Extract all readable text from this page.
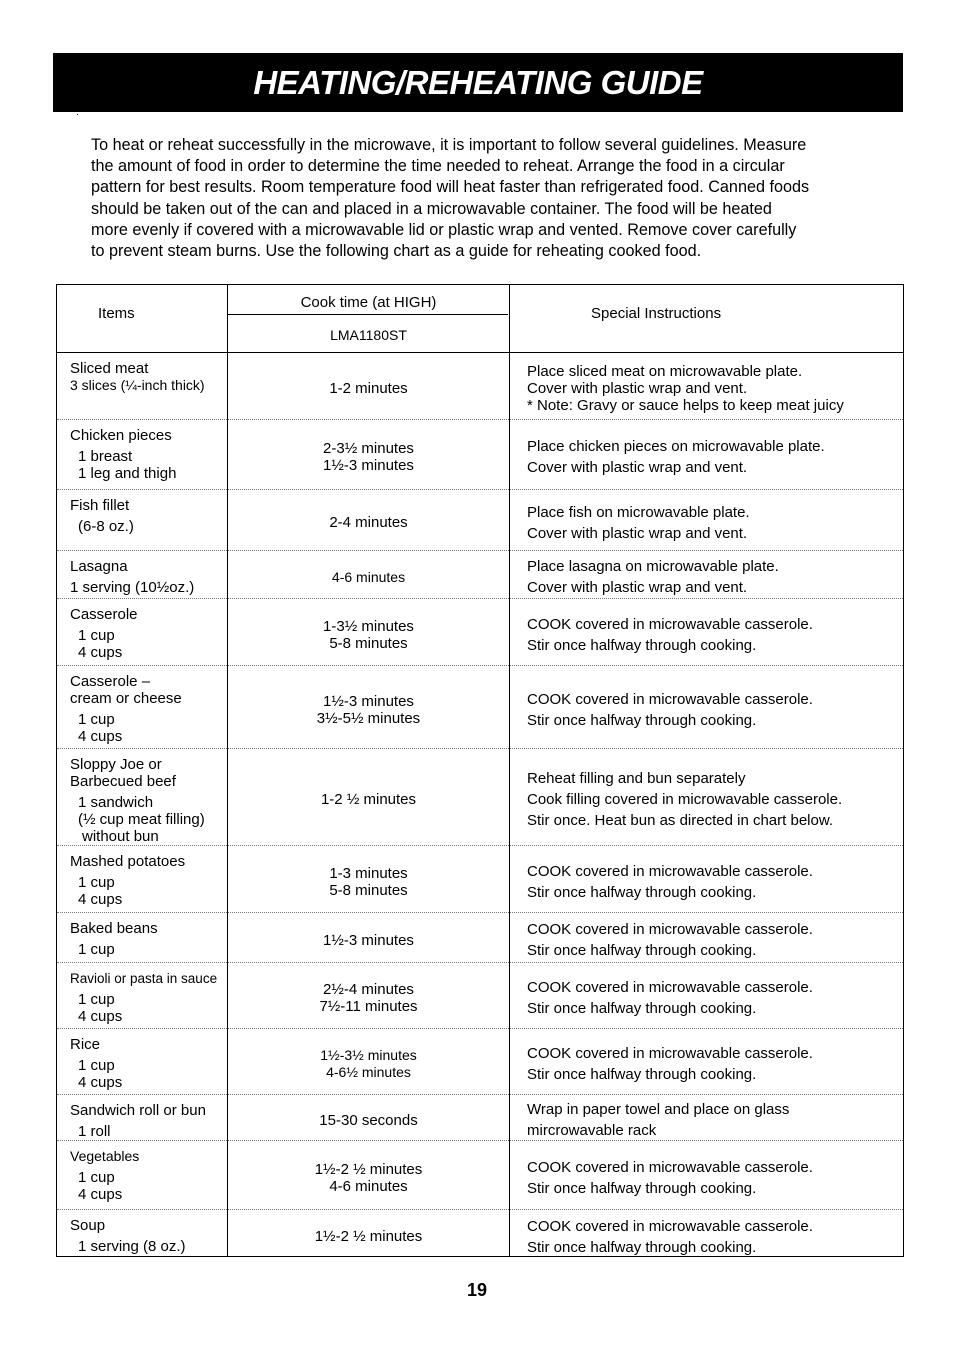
HEATING/REHEATING GUIDE
.

To heat or reheat successfully in the microwave, it is important to follow several guidelines. Measure
the amount of food in order to determine the time needed to reheat. Arrange the food in a circular
pattern for best results. Room temperature food will heat faster than refrigerated food. Canned foods
should be taken out of the can and placed in a microwavable container. The food will be heated
more evenly if covered with a microwavable lid or plastic wrap and vented. Remove cover carefully
to prevent steam burns. Use the following chart as a guide for reheating cooked food.

Items
Cook time (at HIGH)
LMA1180ST
Special Instructions
Sliced meat
3 slices (¼-inch thick)	1-2 minutes
Place sliced meat on microwavable plate.
Cover with plastic wrap and vent.
* Note: Gravy or sauce helps to keep meat juicy
Chicken pieces
1 breast
1 leg and thigh
2-3½ minutes
1½-3 minutes
Place chicken pieces on microwavable plate.
Cover with plastic wrap and vent.
Fish fillet
(6-8 oz.)	2-4 minutes
Place fish on microwavable plate.
Cover with plastic wrap and vent.
Lasagna
1 serving (10½oz.)
4-6 minutes
Place lasagna on microwavable plate.
Cover with plastic wrap and vent.
Casserole
1 cup
4 cups
1-3½ minutes
5-8 minutes
COOK covered in microwavable casserole.
Stir once halfway through cooking.
Casserole –
cream or cheese
1 cup
4 cups
1½-3 minutes
3½-5½ minutes
COOK covered in microwavable casserole.
Stir once halfway through cooking.
Sloppy Joe or
Barbecued beef
1 sandwich
(½ cup meat filling)
without bun
1-2 ½ minutes
Reheat filling and bun separately
Cook filling covered in microwavable casserole.
Stir once. Heat bun as directed in chart below.
Mashed potatoes
1 cup
4 cups
1-3 minutes
5-8 minutes
COOK covered in microwavable casserole.
Stir once halfway through cooking.
Baked beans
1 cup
1½-3 minutes
COOK covered in microwavable casserole.
Stir once halfway through cooking.
Ravioli or pasta in sauce
1 cup
4 cups
2½-4 minutes
7½-11 minutes
COOK covered in microwavable casserole.
Stir once halfway through cooking.
Rice
1 cup
4 cups
1½-3½ minutes
4-6½ minutes
COOK covered in microwavable casserole.
Stir once halfway through cooking.
Sandwich roll or bun
1 roll
15-30 seconds
Wrap in paper towel and place on glass
mircrowavable rack
Vegetables
1 cup
4 cups
1½-2 ½ minutes
4-6 minutes
COOK covered in microwavable casserole.
Stir once halfway through cooking.
Soup
1 serving (8 oz.)
1½-2 ½ minutes
COOK covered in microwavable casserole.
Stir once halfway through cooking.
19
